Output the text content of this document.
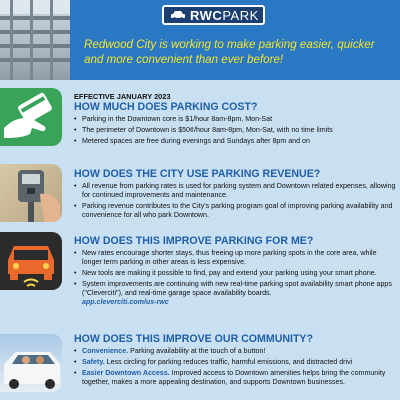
RWCPARK
Redwood City is working to make parking easier, quicker and more convenient than ever before!

EFFECTIVE JANUARY 2023

HOW MUCH DOES PARKING COST?

• Parking in the Downtown core is $1/hour 8am-8pm, Mon-Sat
• The perimeter of Downtown is $50¢/hour 8am-8pm, Mon-Sat, with no time limits
• Metered spaces are free during evenings and Sundays after 8pm and on

HOW DOES THE CITY USE PARKING REVENUE?

• All revenue from parking rates is used for parking system and Downtown related expenses, allowing for continued improvements and maintenance.
• Parking revenue contributes to the City's parking program goal of improving parking availability and convenience for all who park Downtown.

HOW DOES THIS IMPROVE PARKING FOR ME?

• New rates encourage shorter stays, thus freeing up more parking spots in the core area, while longer term parking in other areas is less expensive.
• New tools are making it possible to find, pay and extend your parking using your smart phone.
• System improvements are continuing with new real-time parking spot availability smart phone apps ("Cleverciti"), and real-time garage space availability boards.
app.cleverciti.com/us-rwc

HOW DOES THIS IMPROVE OUR COMMUNITY?

• Convenience. Parking availability at the touch of a button!
• Safety. Less circling for parking reduces traffic, harmful emissions, and distracted drivi
• Easier Downtown Access. Improved access to Downtown amenities helps bring the community together, makes a more appealing destination, and supports Downtown businesses.
